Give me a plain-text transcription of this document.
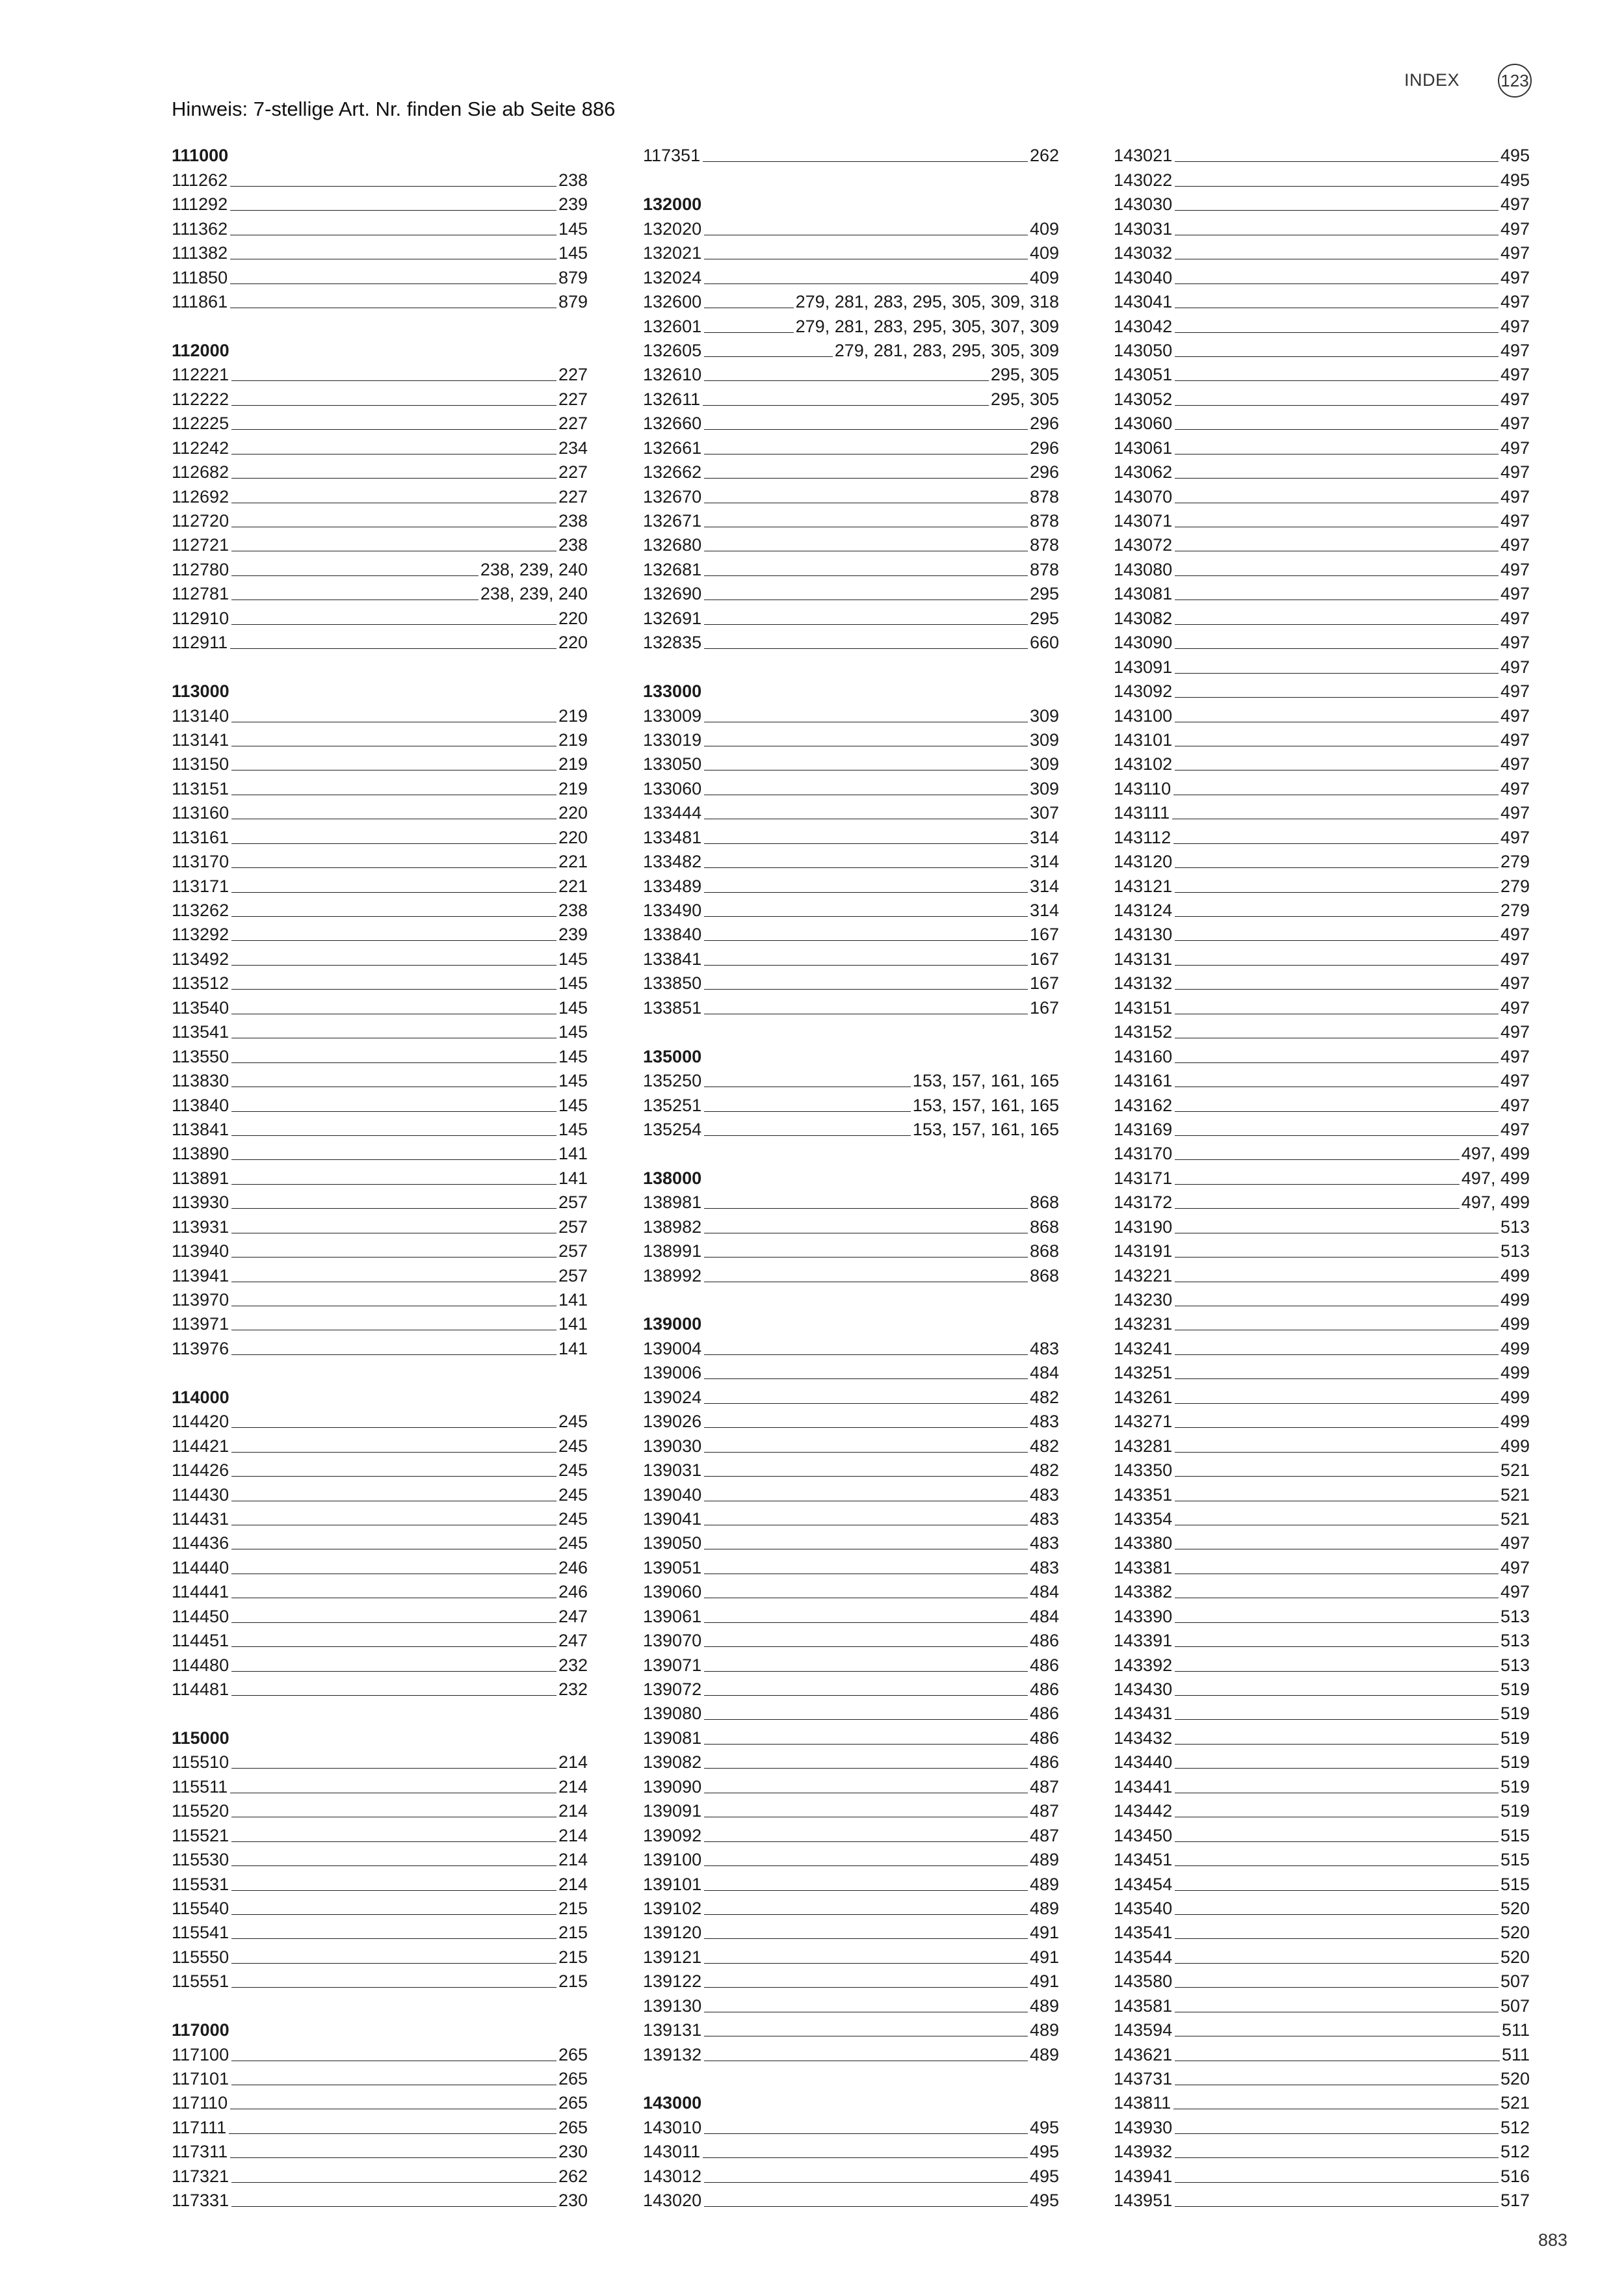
INDEX 123
Hinweis: 7-stellige Art. Nr. finden Sie ab Seite 886
111000
111262	238
111292	239
111362	145
111382	145
111850	879
111861	879
112000
112221	227
112222	227
112225	227
112242	234
112682	227
112692	227
112720	238
112721	238
112780	238, 239, 240
112781	238, 239, 240
112910	220
112911	220
113000
113140	219
113141	219
113150	219
113151	219
113160	220
113161	220
113170	221
113171	221
113262	238
113292	239
113492	145
113512	145
113540	145
113541	145
113550	145
113830	145
113840	145
113841	145
113890	141
113891	141
113930	257
113931	257
113940	257
113941	257
113970	141
113971	141
113976	141
114000
114420	245
114421	245
114426	245
114430	245
114431	245
114436	245
114440	246
114441	246
114450	247
114451	247
114480	232
114481	232
115000
115510	214
115511	214
115520	214
115521	214
115530	214
115531	214
115540	215
115541	215
115550	215
115551	215
117000
117100	265
117101	265
117110	265
117111	265
117311	230
117321	262
117331	230
117351	262
132000
132020	409
132021	409
132024	409
132600	279, 281, 283, 295, 305, 309, 318
132601	279, 281, 283, 295, 305, 307, 309
132605	279, 281, 283, 295, 305, 309
132610	295, 305
132611	295, 305
132660	296
132661	296
132662	296
132670	878
132671	878
132680	878
132681	878
132690	295
132691	295
132835	660
133000
133009	309
133019	309
133050	309
133060	309
133444	307
133481	314
133482	314
133489	314
133490	314
133840	167
133841	167
133850	167
133851	167
135000
135250	153, 157, 161, 165
135251	153, 157, 161, 165
135254	153, 157, 161, 165
138000
138981	868
138982	868
138991	868
138992	868
139000
139004	483
139006	484
139024	482
139026	483
139030	482
139031	482
139040	483
139041	483
139050	483
139051	483
139060	484
139061	484
139070	486
139071	486
139072	486
139080	486
139081	486
139082	486
139090	487
139091	487
139092	487
139100	489
139101	489
139102	489
139120	491
139121	491
139122	491
139130	489
139131	489
139132	489
143000
143010	495
143011	495
143012	495
143020	495
143021	495
143022	495
143030	497
143031	497
143032	497
143040	497
143041	497
143042	497
143050	497
143051	497
143052	497
143060	497
143061	497
143062	497
143070	497
143071	497
143072	497
143080	497
143081	497
143082	497
143090	497
143091	497
143092	497
143100	497
143101	497
143102	497
143110	497
143111	497
143112	497
143120	279
143121	279
143124	279
143130	497
143131	497
143132	497
143151	497
143152	497
143160	497
143161	497
143162	497
143169	497
143170	497, 499
143171	497, 499
143172	497, 499
143190	513
143191	513
143221	499
143230	499
143231	499
143241	499
143251	499
143261	499
143271	499
143281	499
143350	521
143351	521
143354	521
143380	497
143381	497
143382	497
143390	513
143391	513
143392	513
143430	519
143431	519
143432	519
143440	519
143441	519
143442	519
143450	515
143451	515
143454	515
143540	520
143541	520
143544	520
143580	507
143581	507
143594	511
143621	511
143731	520
143811	521
143930	512
143932	512
143941	516
143951	517
883
